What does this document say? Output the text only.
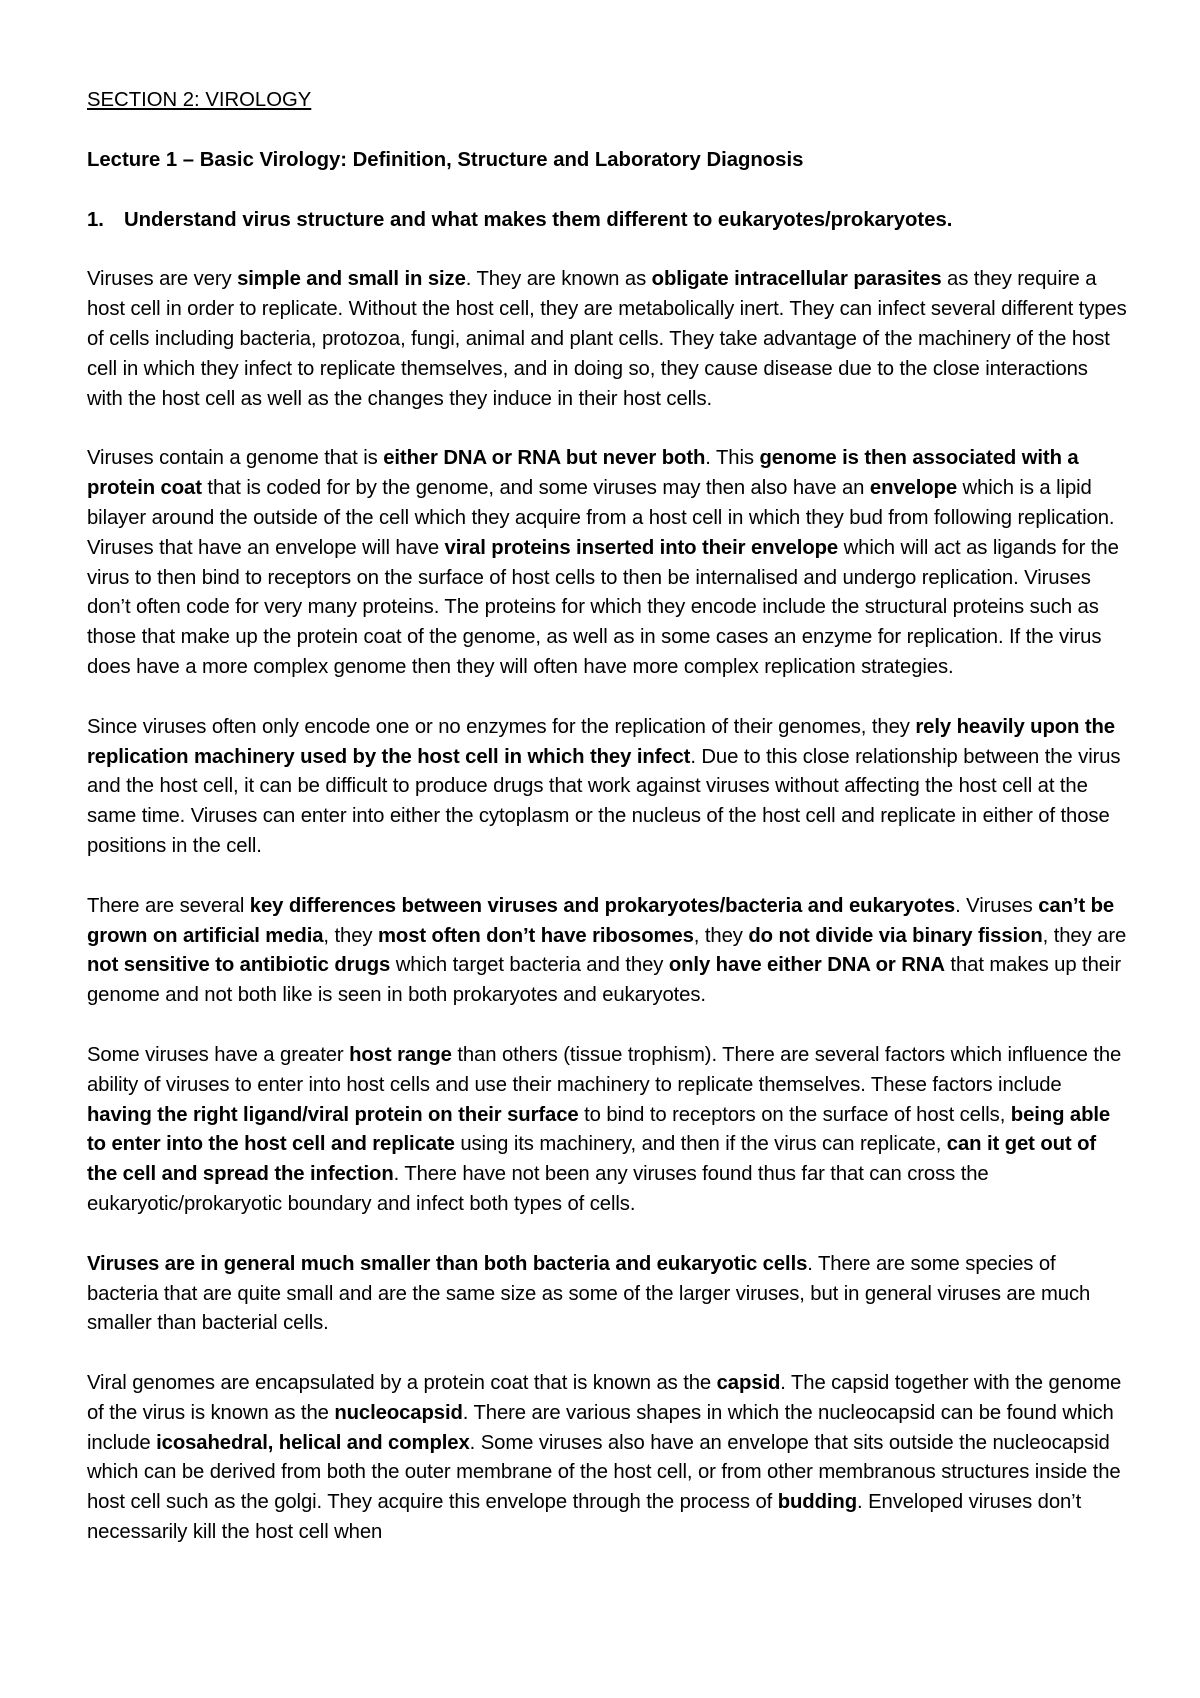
SECTION 2: VIROLOGY
Lecture 1 – Basic Virology: Definition, Structure and Laboratory Diagnosis
1. Understand virus structure and what makes them different to eukaryotes/prokaryotes.

Viruses are very simple and small in size. They are known as obligate intracellular parasites as they require a host cell in order to replicate. Without the host cell, they are metabolically inert. They can infect several different types of cells including bacteria, protozoa, fungi, animal and plant cells. They take advantage of the machinery of the host cell in which they infect to replicate themselves, and in doing so, they cause disease due to the close interactions with the host cell as well as the changes they induce in their host cells.

Viruses contain a genome that is either DNA or RNA but never both. This genome is then associated with a protein coat that is coded for by the genome, and some viruses may then also have an envelope which is a lipid bilayer around the outside of the cell which they acquire from a host cell in which they bud from following replication. Viruses that have an envelope will have viral proteins inserted into their envelope which will act as ligands for the virus to then bind to receptors on the surface of host cells to then be internalised and undergo replication. Viruses don’t often code for very many proteins. The proteins for which they encode include the structural proteins such as those that make up the protein coat of the genome, as well as in some cases an enzyme for replication. If the virus does have a more complex genome then they will often have more complex replication strategies.

Since viruses often only encode one or no enzymes for the replication of their genomes, they rely heavily upon the replication machinery used by the host cell in which they infect. Due to this close relationship between the virus and the host cell, it can be difficult to produce drugs that work against viruses without affecting the host cell at the same time. Viruses can enter into either the cytoplasm or the nucleus of the host cell and replicate in either of those positions in the cell.

There are several key differences between viruses and prokaryotes/bacteria and eukaryotes. Viruses can’t be grown on artificial media, they most often don’t have ribosomes, they do not divide via binary fission, they are not sensitive to antibiotic drugs which target bacteria and they only have either DNA or RNA that makes up their genome and not both like is seen in both prokaryotes and eukaryotes.

Some viruses have a greater host range than others (tissue trophism). There are several factors which influence the ability of viruses to enter into host cells and use their machinery to replicate themselves. These factors include having the right ligand/viral protein on their surface to bind to receptors on the surface of host cells, being able to enter into the host cell and replicate using its machinery, and then if the virus can replicate, can it get out of the cell and spread the infection. There have not been any viruses found thus far that can cross the eukaryotic/prokaryotic boundary and infect both types of cells.

Viruses are in general much smaller than both bacteria and eukaryotic cells. There are some species of bacteria that are quite small and are the same size as some of the larger viruses, but in general viruses are much smaller than bacterial cells.

Viral genomes are encapsulated by a protein coat that is known as the capsid. The capsid together with the genome of the virus is known as the nucleocapsid. There are various shapes in which the nucleocapsid can be found which include icosahedral, helical and complex. Some viruses also have an envelope that sits outside the nucleocapsid which can be derived from both the outer membrane of the host cell, or from other membranous structures inside the host cell such as the golgi. They acquire this envelope through the process of budding. Enveloped viruses don’t necessarily kill the host cell when
